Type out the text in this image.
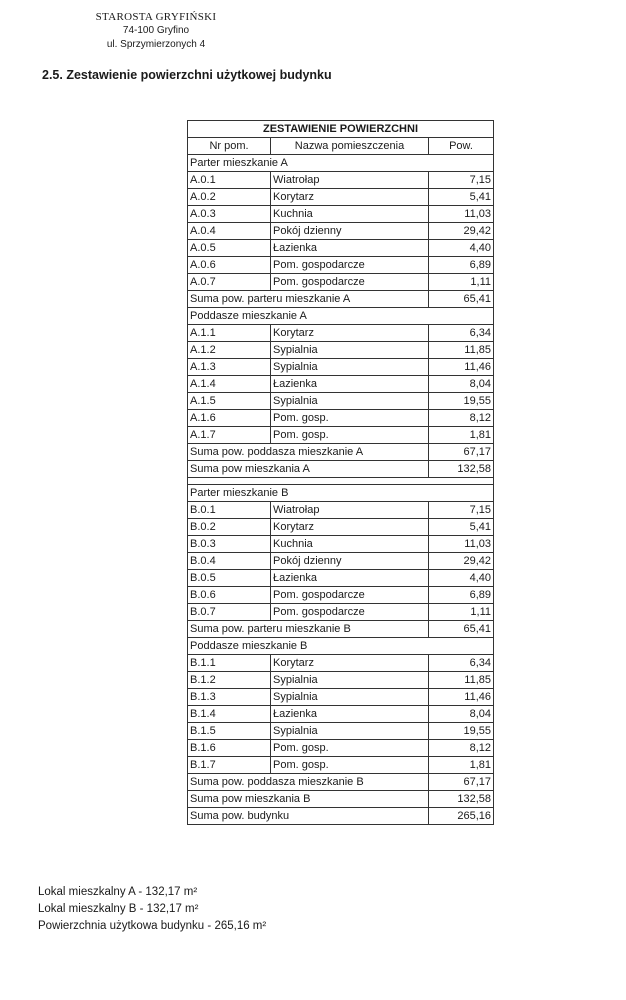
STAROSTA GRYFIŃSKI
74-100 Gryfino
ul. Sprzymierzonych 4
2.5. Zestawienie powierzchni użytkowej budynku
ZESTAWIENIE POWIERZCHNI		
Nr pom.	Nazwa pomieszczenia	Pow.
Parter mieszkanie A		
A.0.1	Wiatrołap	7,15
A.0.2	Korytarz	5,41
A.0.3	Kuchnia	11,03
A.0.4	Pokój dzienny	29,42
A.0.5	Łazienka	4,40
A.0.6	Pom. gospodarcze	6,89
A.0.7	Pom. gospodarcze	1,11
Suma pow. parteru mieszkanie A		65,41
Poddasze mieszkanie A		
A.1.1	Korytarz	6,34
A.1.2	Sypialnia	11,85
A.1.3	Sypialnia	11,46
A.1.4	Łazienka	8,04
A.1.5	Sypialnia	19,55
A.1.6	Pom. gosp.	8,12
A.1.7	Pom. gosp.	1,81
Suma pow. poddasza mieszkanie A		67,17
Suma pow mieszkania A		132,58

Parter mieszkanie B		
B.0.1	Wiatrołap	7,15
B.0.2	Korytarz	5,41
B.0.3	Kuchnia	11,03
B.0.4	Pokój dzienny	29,42
B.0.5	Łazienka	4,40
B.0.6	Pom. gospodarcze	6,89
B.0.7	Pom. gospodarcze	1,11
Suma pow. parteru mieszkanie B		65,41
Poddasze mieszkanie B		
B.1.1	Korytarz	6,34
B.1.2	Sypialnia	11,85
B.1.3	Sypialnia	11,46
B.1.4	Łazienka	8,04
B.1.5	Sypialnia	19,55
B.1.6	Pom. gosp.	8,12
B.1.7	Pom. gosp.	1,81
Suma pow. poddasza mieszkanie B		67,17
Suma pow mieszkania B		132,58
Suma pow. budynku		265,16
Lokal mieszkalny A - 132,17 m²
Lokal mieszkalny B - 132,17 m²
Powierzchnia użytkowa budynku - 265,16 m²
